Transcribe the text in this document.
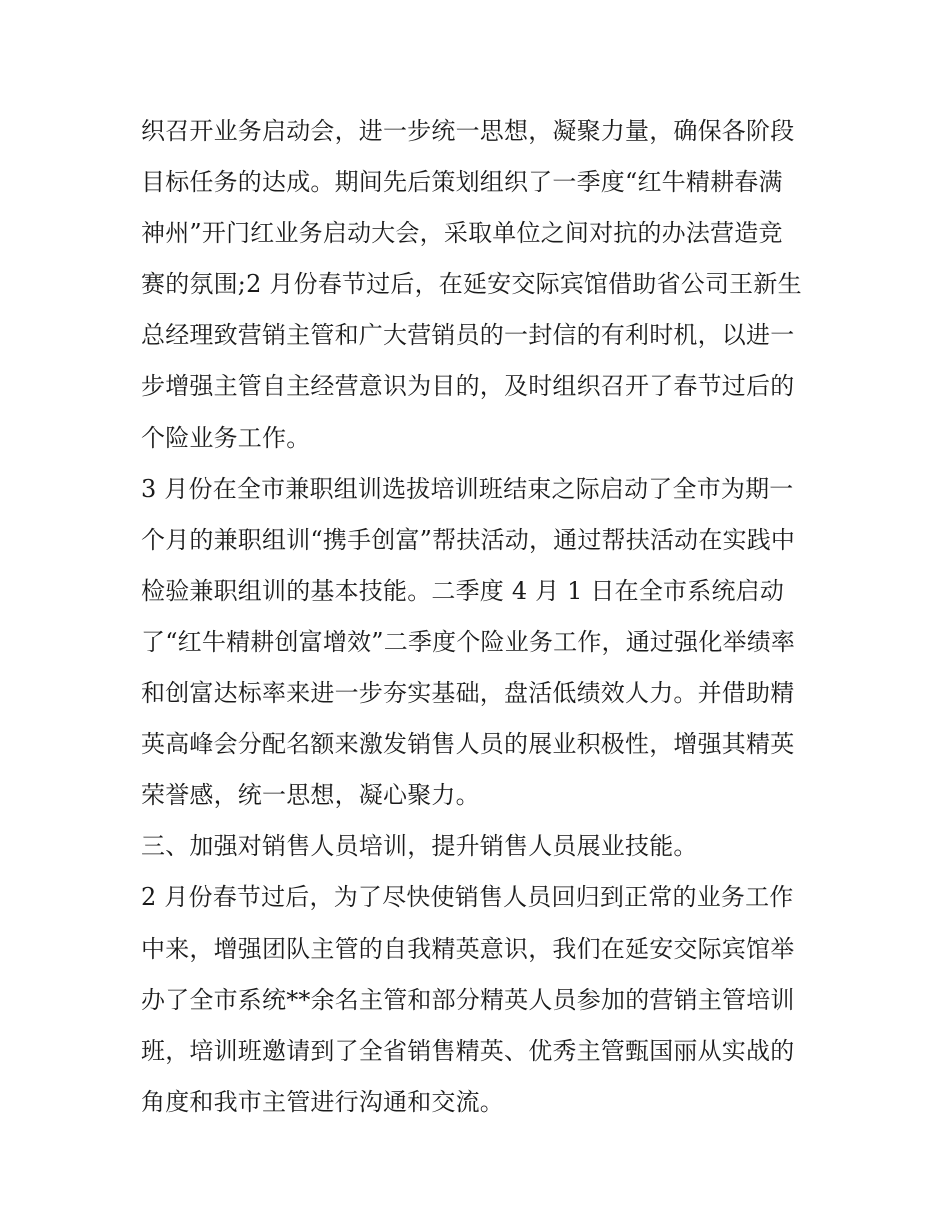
织召开业务启动会，进一步统一思想，凝聚力量，确保各阶段
目标任务的达成。期间先后策划组织了一季度“红牛精耕春满
神州”开门红业务启动大会，采取单位之间对抗的办法营造竞
赛的氛围;2 月份春节过后，在延安交际宾馆借助省公司王新生
总经理致营销主管和广大营销员的一封信的有利时机，以进一
步增强主管自主经营意识为目的，及时组织召开了春节过后的
个险业务工作。
3 月份在全市兼职组训选拔培训班结束之际启动了全市为期一
个月的兼职组训“携手创富”帮扶活动，通过帮扶活动在实践中
检验兼职组训的基本技能。二季度 4 月 1 日在全市系统启动
了“红牛精耕创富增效”二季度个险业务工作，通过强化举绩率
和创富达标率来进一步夯实基础，盘活低绩效人力。并借助精
英高峰会分配名额来激发销售人员的展业积极性，增强其精英
荣誉感，统一思想，凝心聚力。
三、加强对销售人员培训，提升销售人员展业技能。
2 月份春节过后，为了尽快使销售人员回归到正常的业务工作
中来，增强团队主管的自我精英意识，我们在延安交际宾馆举
办了全市系统**余名主管和部分精英人员参加的营销主管培训
班，培训班邀请到了全省销售精英、优秀主管甄国丽从实战的
角度和我市主管进行沟通和交流。
